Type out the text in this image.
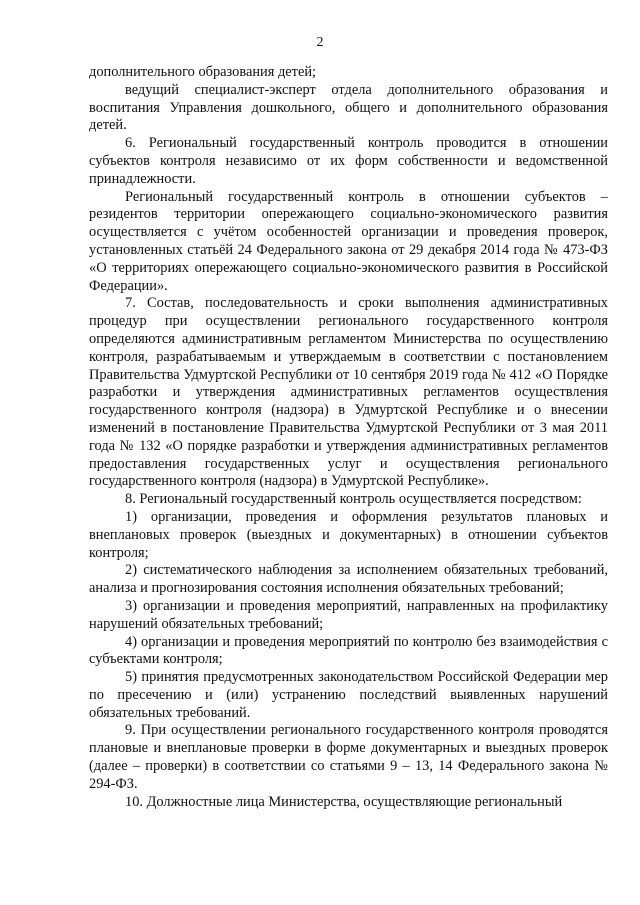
2

дополнительного образования детей;

ведущий специалист-эксперт отдела дополнительного образования и воспитания Управления дошкольного, общего и дополнительного образования детей.

6. Региональный государственный контроль проводится в отношении субъектов контроля независимо от их форм собственности и ведомственной принадлежности.

Региональный государственный контроль в отношении субъектов – резидентов территории опережающего социально-экономического развития осуществляется с учётом особенностей организации и проведения проверок, установленных статьёй 24 Федерального закона от 29 декабря 2014 года № 473-ФЗ «О территориях опережающего социально-экономического развития в Российской Федерации».

7. Состав, последовательность и сроки выполнения административных процедур при осуществлении регионального государственного контроля определяются административным регламентом Министерства по осуществлению контроля, разрабатываемым и утверждаемым в соответствии с постановлением Правительства Удмуртской Республики от 10 сентября 2019 года № 412 «О Порядке разработки и утверждения административных регламентов осуществления государственного контроля (надзора) в Удмуртской Республике и о внесении изменений в постановление Правительства Удмуртской Республики от 3 мая 2011 года № 132 «О порядке разработки и утверждения административных регламентов предоставления государственных услуг и осуществления регионального государственного контроля (надзора) в Удмуртской Республике».

8. Региональный государственный контроль осуществляется посредством:

1) организации, проведения и оформления результатов плановых и внеплановых проверок (выездных и документарных) в отношении субъектов контроля;

2) систематического наблюдения за исполнением обязательных требований, анализа и прогнозирования состояния исполнения обязательных требований;

3) организации и проведения мероприятий, направленных на профилактику нарушений обязательных требований;

4) организации и проведения мероприятий по контролю без взаимодействия с субъектами контроля;

5) принятия предусмотренных законодательством Российской Федерации мер по пресечению и (или) устранению последствий выявленных нарушений обязательных требований.

9. При осуществлении регионального государственного контроля проводятся плановые и внеплановые проверки в форме документарных и выездных проверок (далее – проверки) в соответствии со статьями 9 – 13, 14 Федерального закона № 294-ФЗ.

10. Должностные лица Министерства, осуществляющие региональный
